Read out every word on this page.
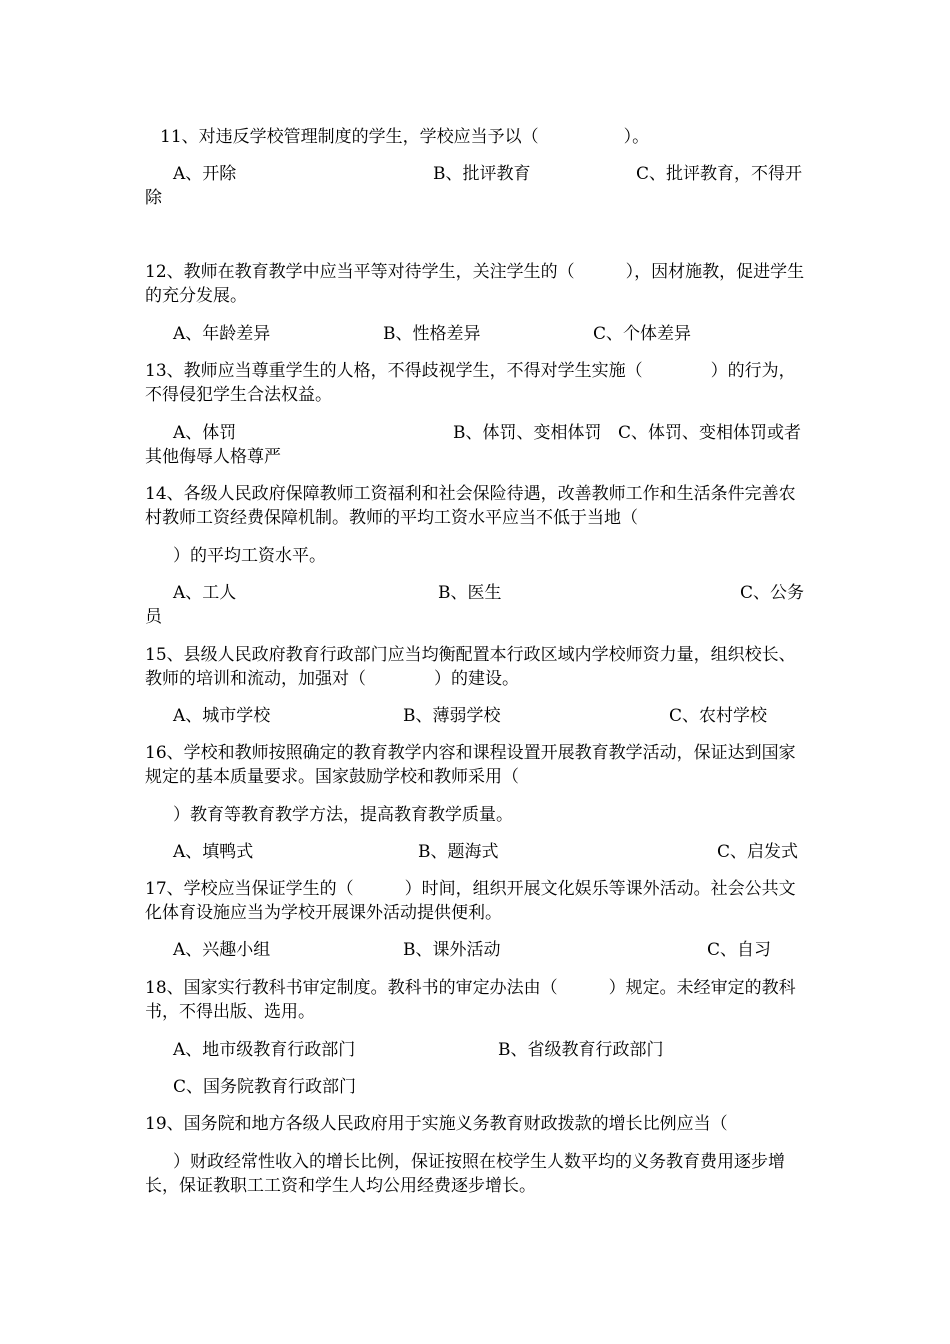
11、对违反学校管理制度的学生，学校应当予以（　　　　　）。

A、开除	B、批评教育	C、批评教育，不得开

除

12、教师在教育教学中应当平等对待学生，关注学生的（　　　），因材施教，促进学生的充分发展。

A、年龄差异	B、性格差异	C、个体差异

13、教师应当尊重学生的人格，不得歧视学生，不得对学生实施（　　　　）的行为，不得侵犯学生合法权益。

A、体罚	B、体罚、变相体罚 C、体罚、变相体罚或者

其他侮辱人格尊严

14、各级人民政府保障教师工资福利和社会保险待遇，改善教师工作和生活条件完善农村教师工资经费保障机制。教师的平均工资水平应当不低于当地（

）的平均工资水平。

A、工人	B、医生	C、公务

员

15、县级人民政府教育行政部门应当均衡配置本行政区域内学校师资力量，组织校长、教师的培训和流动，加强对（　　　　）的建设。

A、城市学校	B、薄弱学校	C、农村学校

16、学校和教师按照确定的教育教学内容和课程设置开展教育教学活动，保证达到国家规定的基本质量要求。国家鼓励学校和教师采用（

）教育等教育教学方法，提高教育教学质量。

A、填鸭式	B、题海式	C、启发式

17、学校应当保证学生的（　　　）时间，组织开展文化娱乐等课外活动。社会公共文化体育设施应当为学校开展课外活动提供便利。

A、兴趣小组	B、课外活动	C、自习

18、国家实行教科书审定制度。教科书的审定办法由（　　　）规定。未经审定的教科书，不得出版、选用。

A、地市级教育行政部门	B、省级教育行政部门

C、国务院教育行政部门

19、国务院和地方各级人民政府用于实施义务教育财政拨款的增长比例应当（

）财政经常性收入的增长比例，保证按照在校学生人数平均的义务教育费用逐步增长，保证教职工工资和学生人均公用经费逐步增长。
